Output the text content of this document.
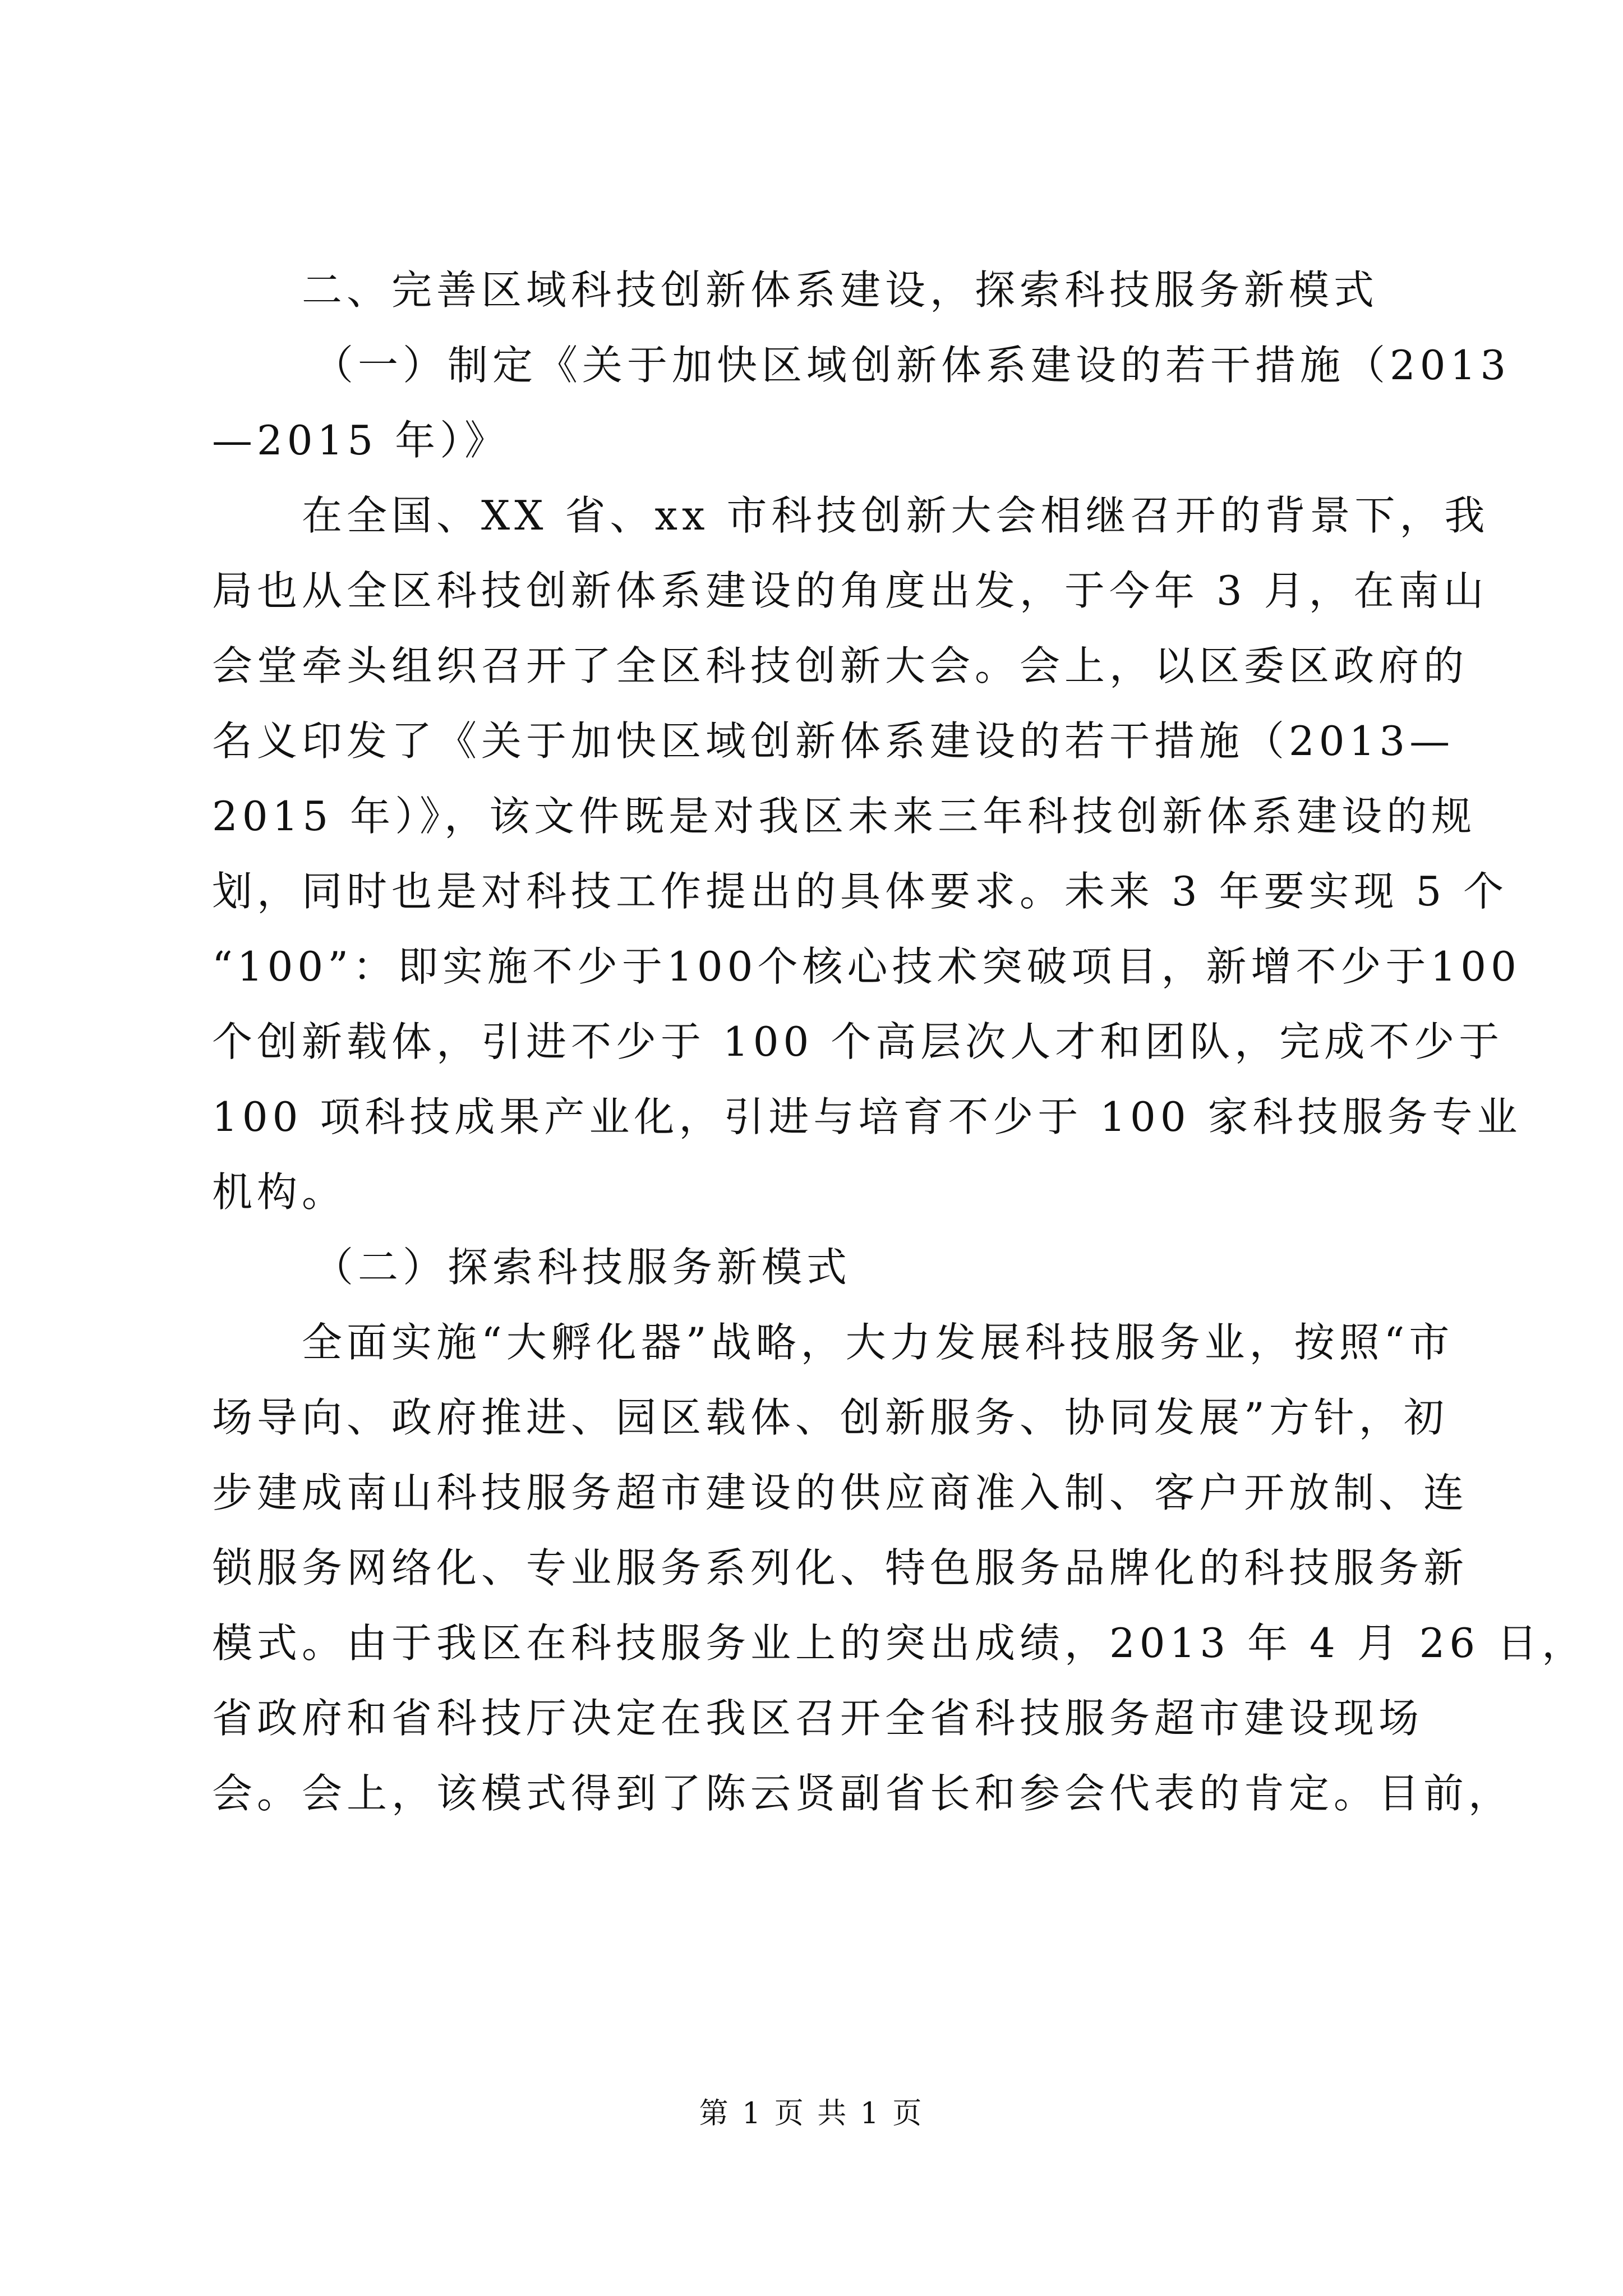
二、完善区域科技创新体系建设，探索科技服务新模式
（一）制定《关于加快区域创新体系建设的若干措施（2013
—2015 年）》
在全国、XX 省、xx 市科技创新大会相继召开的背景下，我
局也从全区科技创新体系建设的角度出发，于今年 3 月，在南山
会堂牵头组织召开了全区科技创新大会。会上，以区委区政府的
名义印发了《关于加快区域创新体系建设的若干措施（2013—
2015 年）》，该文件既是对我区未来三年科技创新体系建设的规
划，同时也是对科技工作提出的具体要求。未来 3 年要实现 5 个
“100”：即实施不少于100个核心技术突破项目，新增不少于100
个创新载体，引进不少于 100 个高层次人才和团队，完成不少于
100 项科技成果产业化，引进与培育不少于 100 家科技服务专业
机构。
（二）探索科技服务新模式
全面实施“大孵化器”战略，大力发展科技服务业，按照“市
场导向、政府推进、园区载体、创新服务、协同发展”方针，初
步建成南山科技服务超市建设的供应商准入制、客户开放制、连
锁服务网络化、专业服务系列化、特色服务品牌化的科技服务新
模式。由于我区在科技服务业上的突出成绩，2013 年 4 月 26 日，
省政府和省科技厅决定在我区召开全省科技服务超市建设现场
会。会上，该模式得到了陈云贤副省长和参会代表的肯定。目前，
第 1 页 共 1 页
